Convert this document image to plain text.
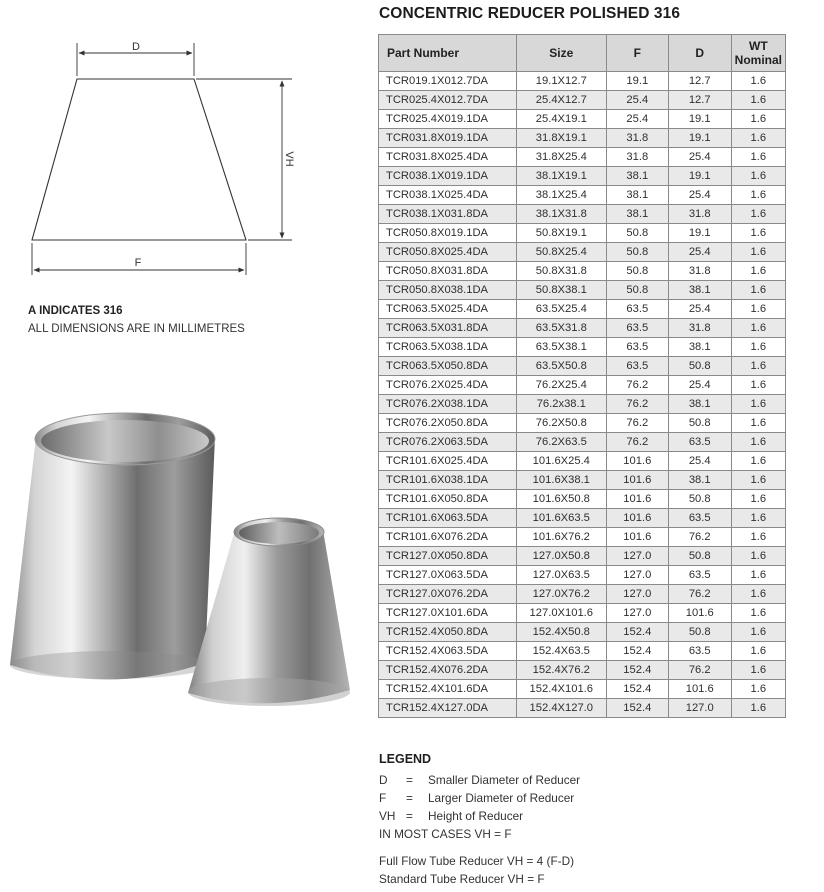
CONCENTRIC REDUCER POLISHED 316
D
F
VH
A INDICATES 316
ALL DIMENSIONS ARE IN MILLIMETRES
Part Number	Size	F	D	WT
Nominal
TCR019.1X012.7DA	19.1X12.7	19.1	12.7	1.6
TCR025.4X012.7DA	25.4X12.7	25.4	12.7	1.6
TCR025.4X019.1DA	25.4X19.1	25.4	19.1	1.6
TCR031.8X019.1DA	31.8X19.1	31.8	19.1	1.6
TCR031.8X025.4DA	31.8X25.4	31.8	25.4	1.6
TCR038.1X019.1DA	38.1X19.1	38.1	19.1	1.6
TCR038.1X025.4DA	38.1X25.4	38.1	25.4	1.6
TCR038.1X031.8DA	38.1X31.8	38.1	31.8	1.6
TCR050.8X019.1DA	50.8X19.1	50.8	19.1	1.6
TCR050.8X025.4DA	50.8X25.4	50.8	25.4	1.6
TCR050.8X031.8DA	50.8X31.8	50.8	31.8	1.6
TCR050.8X038.1DA	50.8X38.1	50.8	38.1	1.6
TCR063.5X025.4DA	63.5X25.4	63.5	25.4	1.6
TCR063.5X031.8DA	63.5X31.8	63.5	31.8	1.6
TCR063.5X038.1DA	63.5X38.1	63.5	38.1	1.6
TCR063.5X050.8DA	63.5X50.8	63.5	50.8	1.6
TCR076.2X025.4DA	76.2X25.4	76.2	25.4	1.6
TCR076.2X038.1DA	76.2x38.1	76.2	38.1	1.6
TCR076.2X050.8DA	76.2X50.8	76.2	50.8	1.6
TCR076.2X063.5DA	76.2X63.5	76.2	63.5	1.6
TCR101.6X025.4DA	101.6X25.4	101.6	25.4	1.6
TCR101.6X038.1DA	101.6X38.1	101.6	38.1	1.6
TCR101.6X050.8DA	101.6X50.8	101.6	50.8	1.6
TCR101.6X063.5DA	101.6X63.5	101.6	63.5	1.6
TCR101.6X076.2DA	101.6X76.2	101.6	76.2	1.6
TCR127.0X050.8DA	127.0X50.8	127.0	50.8	1.6
TCR127.0X063.5DA	127.0X63.5	127.0	63.5	1.6
TCR127.0X076.2DA	127.0X76.2	127.0	76.2	1.6
TCR127.0X101.6DA	127.0X101.6	127.0	101.6	1.6
TCR152.4X050.8DA	152.4X50.8	152.4	50.8	1.6
TCR152.4X063.5DA	152.4X63.5	152.4	63.5	1.6
TCR152.4X076.2DA	152.4X76.2	152.4	76.2	1.6
TCR152.4X101.6DA	152.4X101.6	152.4	101.6	1.6
TCR152.4X127.0DA	152.4X127.0	152.4	127.0	1.6
LEGEND
D = Smaller Diameter of Reducer
F = Larger Diameter of Reducer
VH = Height of Reducer
IN MOST CASES VH = F
Full Flow Tube Reducer VH = 4 (F-D)
Standard Tube Reducer VH = F
